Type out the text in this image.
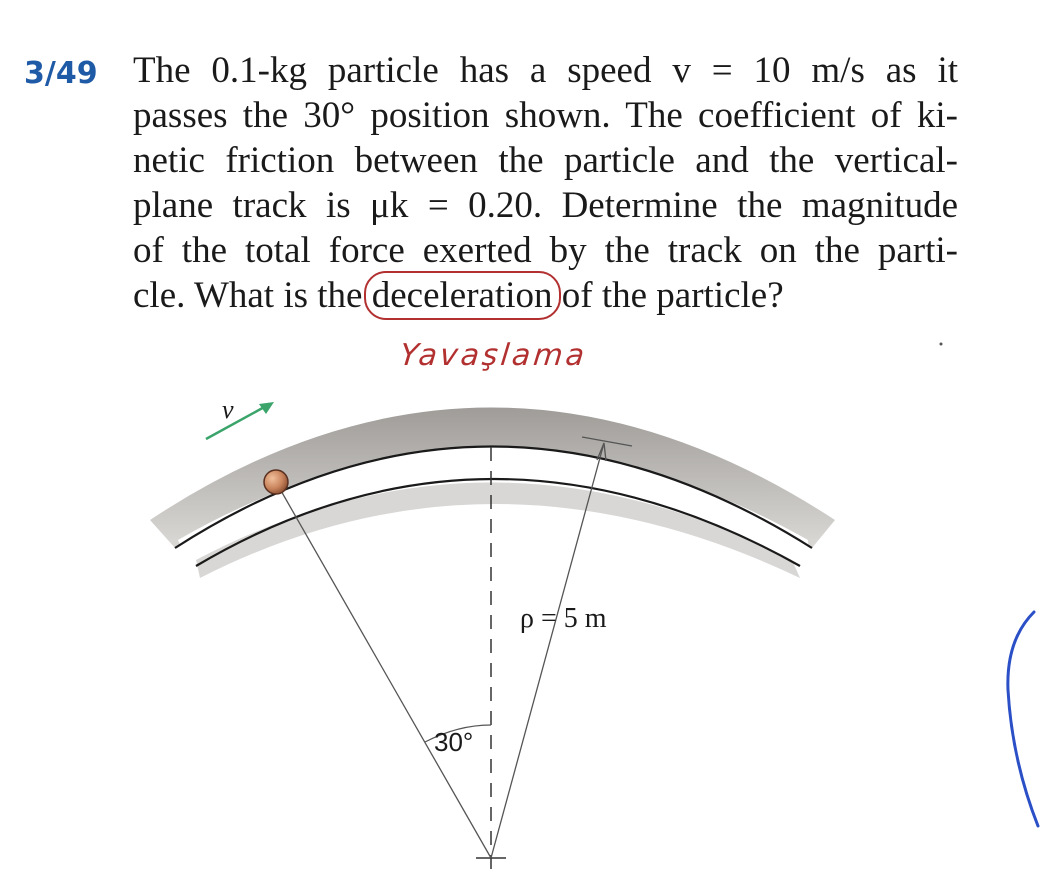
3/49 The 0.1-kg particle has a speed v = 10 m/s as it
passes the 30° position shown. The coefficient of ki-
netic friction between the particle and the vertical-
plane track is μk = 0.20. Determine the magnitude
of the total force exerted by the track on the parti-
cle. What is the
deceleration of the particle?
Yavaşlama
v
ρ = 5 m
30°
